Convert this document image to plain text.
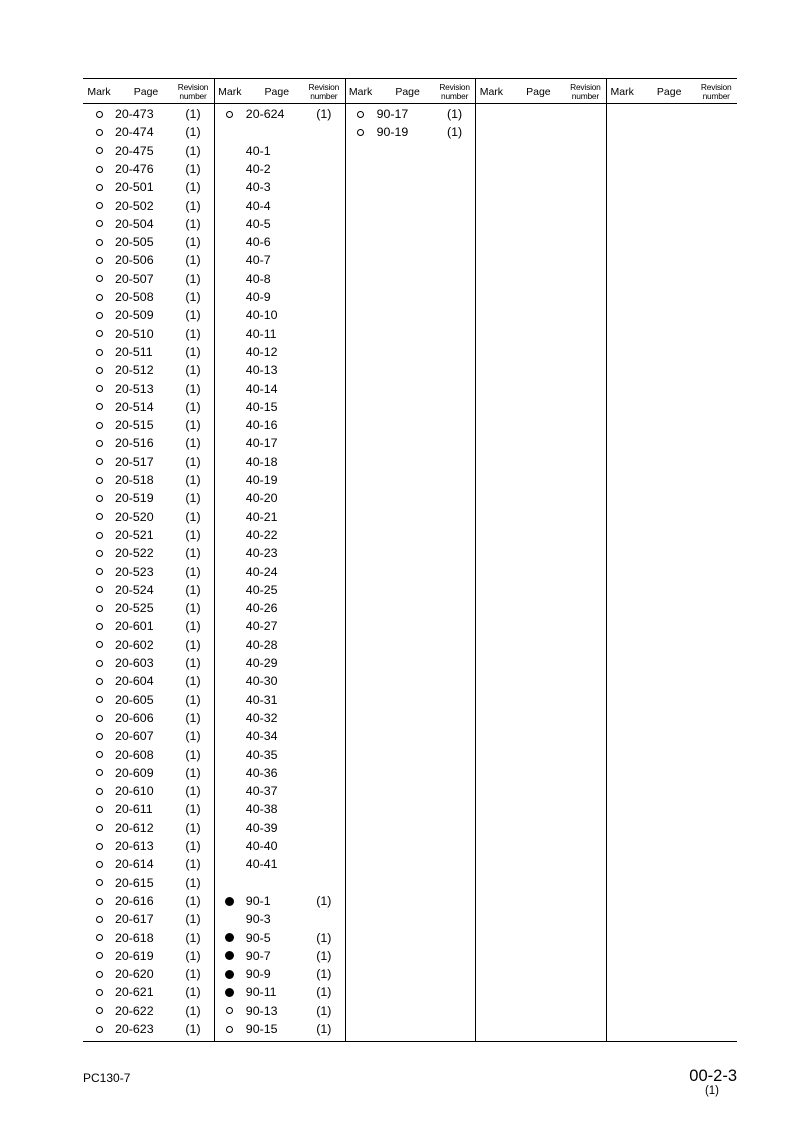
Mark	Page	Revision
number
20-473	(1)
20-474	(1)
20-475	(1)
20-476	(1)
20-501	(1)
20-502	(1)
20-504	(1)
20-505	(1)
20-506	(1)
20-507	(1)
20-508	(1)
20-509	(1)
20-510	(1)
20-511	(1)
20-512	(1)
20-513	(1)
20-514	(1)
20-515	(1)
20-516	(1)
20-517	(1)
20-518	(1)
20-519	(1)
20-520	(1)
20-521	(1)
20-522	(1)
20-523	(1)
20-524	(1)
20-525	(1)
20-601	(1)
20-602	(1)
20-603	(1)
20-604	(1)
20-605	(1)
20-606	(1)
20-607	(1)
20-608	(1)
20-609	(1)
20-610	(1)
20-611	(1)
20-612	(1)
20-613	(1)
20-614	(1)
20-615	(1)
20-616	(1)
20-617	(1)
20-618	(1)
20-619	(1)
20-620	(1)
20-621	(1)
20-622	(1)
20-623	(1)
Mark	Page	Revision
number
20-624	(1)
40-1
40-2
40-3
40-4
40-5
40-6
40-7
40-8
40-9
40-10
40-11
40-12
40-13
40-14
40-15
40-16
40-17
40-18
40-19
40-20
40-21
40-22
40-23
40-24
40-25
40-26
40-27
40-28
40-29
40-30
40-31
40-32
40-34
40-35
40-36
40-37
40-38
40-39
40-40
40-41
90-1	(1)
90-3
90-5	(1)
90-7	(1)
90-9	(1)
90-11	(1)
90-13	(1)
90-15	(1)
Mark	Page	Revision
number
90-17	(1)
90-19	(1)
Mark	Page	Revision
number	Mark	Page	Revision
number
PC130-7	00-2-3
(1)
